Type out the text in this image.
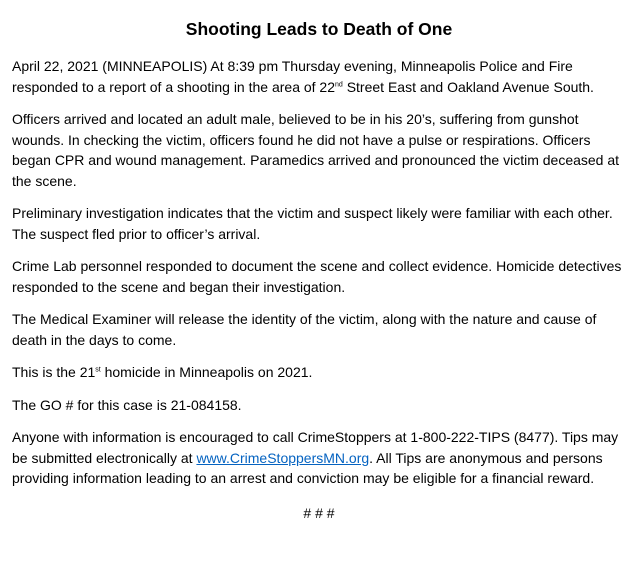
Shooting Leads to Death of One

April 22, 2021 (MINNEAPOLIS) At 8:39 pm Thursday evening, Minneapolis Police and Fire responded to a report of a shooting in the area of 22nd Street East and Oakland Avenue South.

Officers arrived and located an adult male, believed to be in his 20’s, suffering from gunshot wounds. In checking the victim, officers found he did not have a pulse or respirations. Officers began CPR and wound management. Paramedics arrived and pronounced the victim deceased at the scene.

Preliminary investigation indicates that the victim and suspect likely were familiar with each other. The suspect fled prior to officer’s arrival.

Crime Lab personnel responded to document the scene and collect evidence. Homicide detectives responded to the scene and began their investigation.

The Medical Examiner will release the identity of the victim, along with the nature and cause of death in the days to come.

This is the 21st homicide in Minneapolis on 2021.

The GO # for this case is 21-084158.

Anyone with information is encouraged to call CrimeStoppers at 1-800-222-TIPS (8477). Tips may be submitted electronically at www.CrimeStoppersMN.org. All Tips are anonymous and persons providing information leading to an arrest and conviction may be eligible for a financial reward.

# # #
